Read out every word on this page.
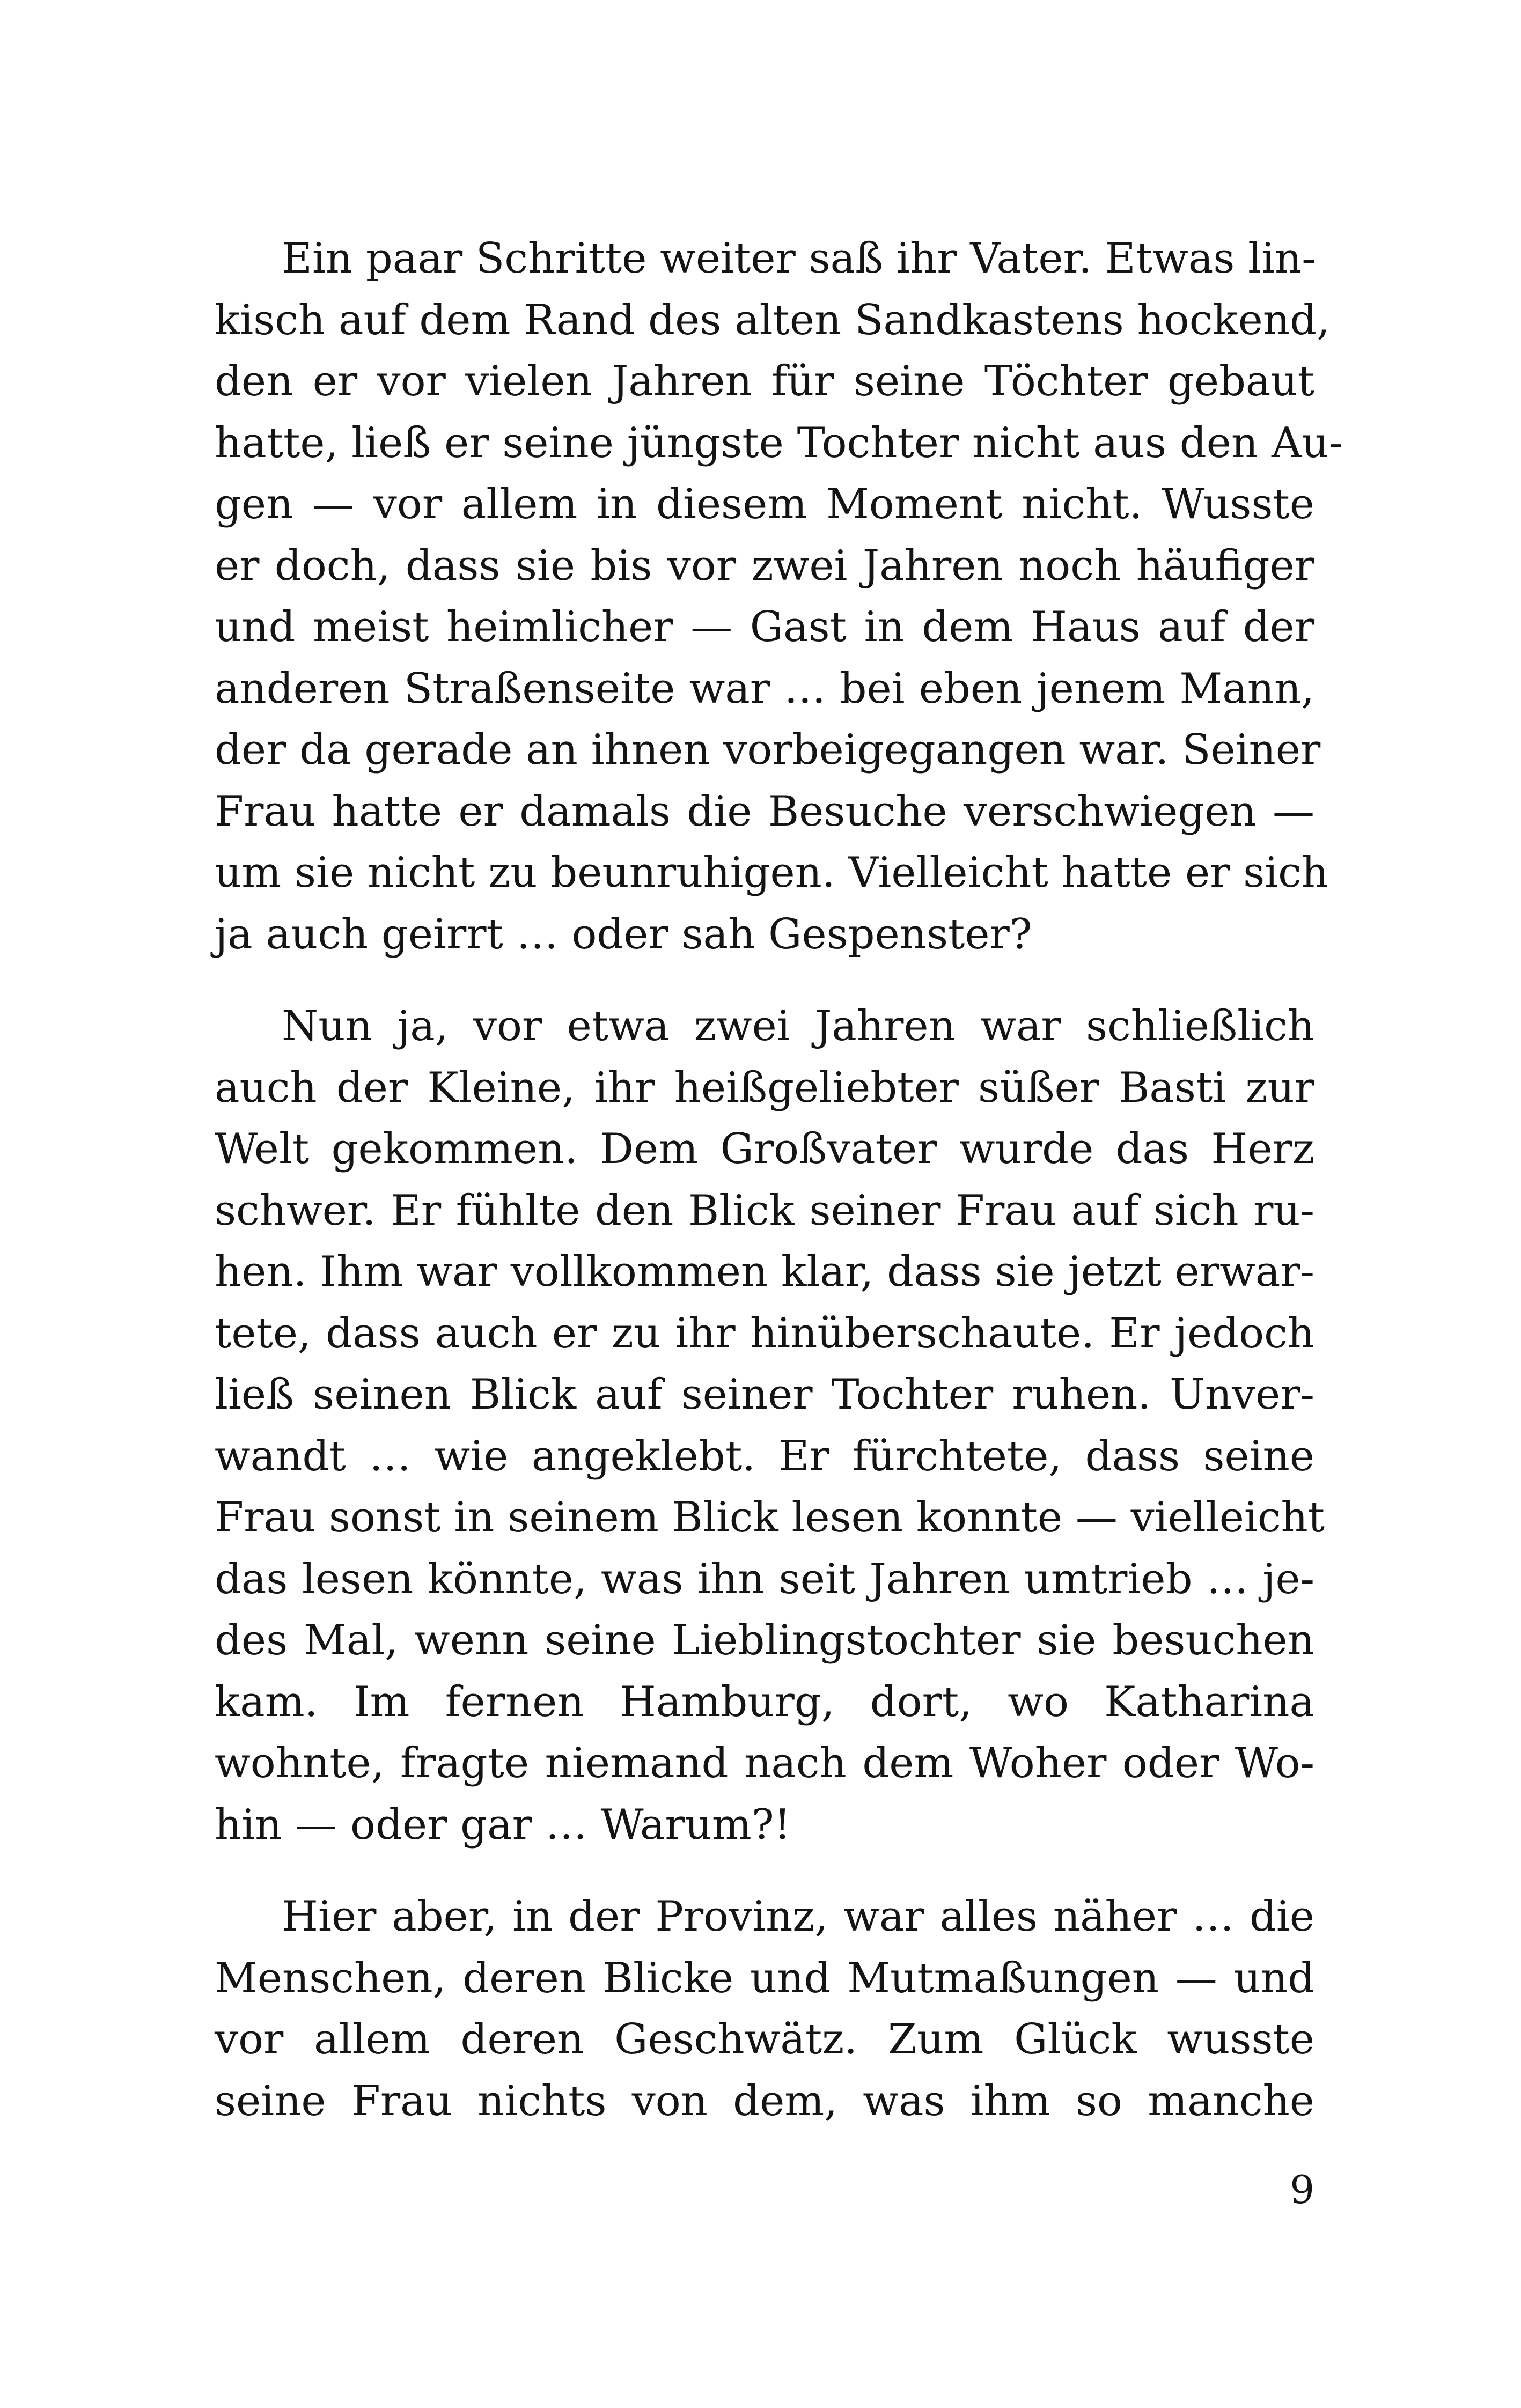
Ein paar Schritte weiter saß ihr Vater. Etwas lin-
kisch auf dem Rand des alten Sandkastens hockend,
den er vor vielen Jahren für seine Töchter gebaut
hatte, ließ er seine jüngste Tochter nicht aus den Au-
gen — vor allem in diesem Moment nicht. Wusste
er doch, dass sie bis vor zwei Jahren noch häufiger
und meist heimlicher — Gast in dem Haus auf der
anderen Straßenseite war … bei eben jenem Mann,
der da gerade an ihnen vorbeigegangen war. Seiner
Frau hatte er damals die Besuche verschwiegen —
um sie nicht zu beunruhigen. Vielleicht hatte er sich
ja auch geirrt … oder sah Gespenster?
Nun ja, vor etwa zwei Jahren war schließlich
auch der Kleine, ihr heißgeliebter süßer Basti zur
Welt gekommen. Dem Großvater wurde das Herz
schwer. Er fühlte den Blick seiner Frau auf sich ru-
hen. Ihm war vollkommen klar, dass sie jetzt erwar-
tete, dass auch er zu ihr hinüberschaute. Er jedoch
ließ seinen Blick auf seiner Tochter ruhen. Unver-
wandt … wie angeklebt. Er fürchtete, dass seine
Frau sonst in seinem Blick lesen konnte — vielleicht
das lesen könnte, was ihn seit Jahren umtrieb … je-
des Mal, wenn seine Lieblingstochter sie besuchen
kam. Im fernen Hamburg, dort, wo Katharina
wohnte, fragte niemand nach dem Woher oder Wo-
hin — oder gar … Warum?!
Hier aber, in der Provinz, war alles näher … die
Menschen, deren Blicke und Mutmaßungen — und
vor allem deren Geschwätz. Zum Glück wusste
seine Frau nichts von dem, was ihm so manche
9
